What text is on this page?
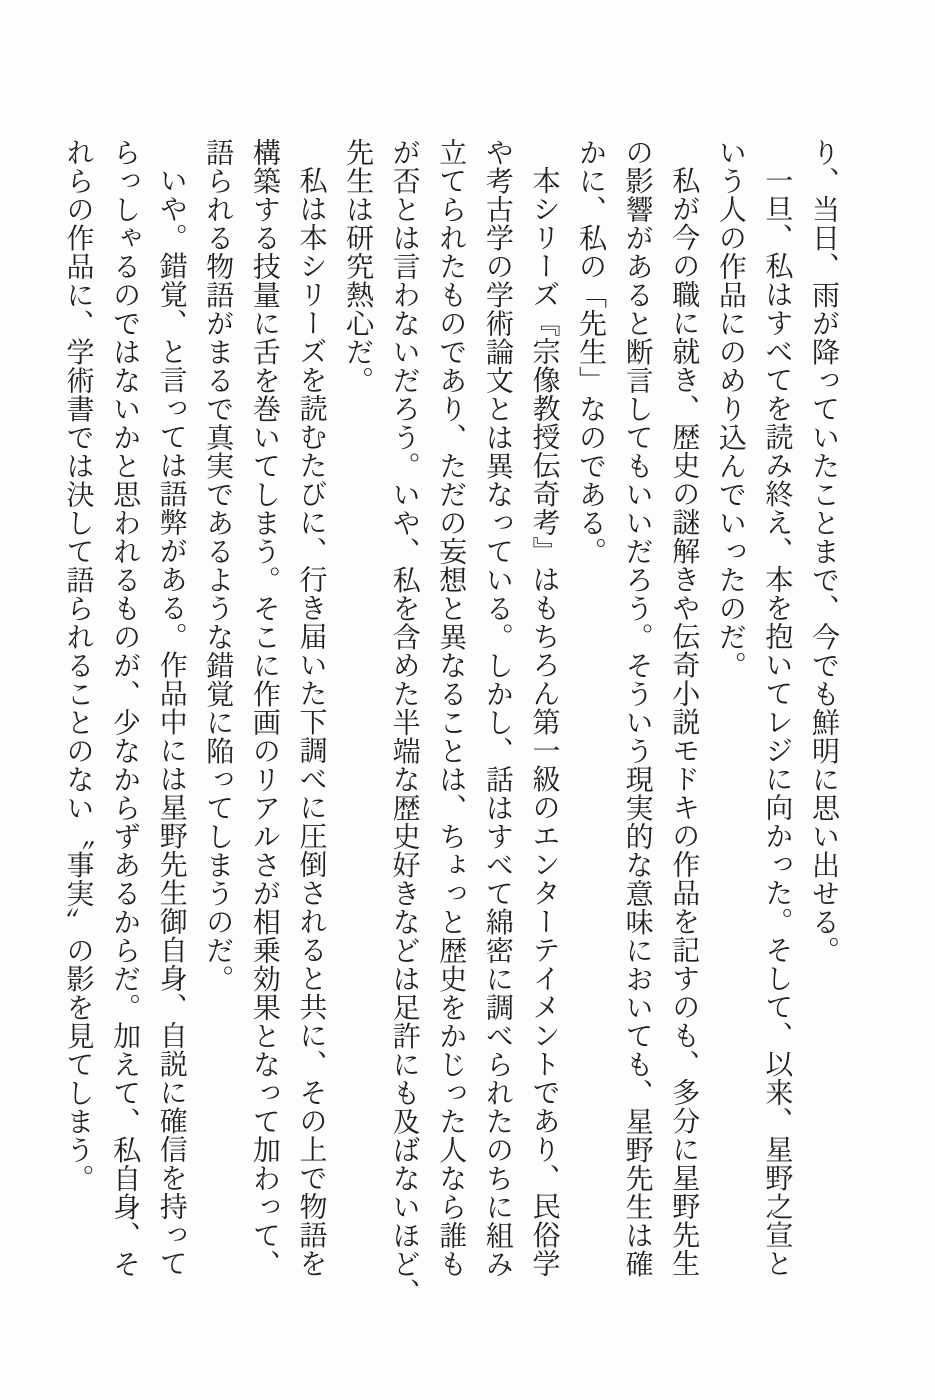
り、当日、雨が降っていたことまで、今でも鮮明に思い出せる。

一旦、私はすべてを読み終え、本を抱いてレジに向かった。そして、以来、星野之宣と

いう人の作品にのめり込んでいったのだ。

私が今の職に就き、歴史の謎解きや伝奇小説モドキの作品を記すのも、多分に星野先生

の影響があると断言してもいいだろう。そういう現実的な意味においても、星野先生は確

かに、私の「先生」なのである。

本シリーズ『宗像教授伝奇考』はもちろん第一級のエンターテイメントであり、民俗学

や考古学の学術論文とは異なっている。しかし、話はすべて綿密に調べられたのちに組み

立てられたものであり、ただの妄想と異なることは、ちょっと歴史をかじった人なら誰も

が否とは言わないだろう。いや、私を含めた半端な歴史好きなどは足許にも及ばないほど、

先生は研究熱心だ。

私は本シリーズを読むたびに、行き届いた下調べに圧倒されると共に、その上で物語を

構築する技量に舌を巻いてしまう。そこに作画のリアルさが相乗効果となって加わって、

語られる物語がまるで真実であるような錯覚に陥ってしまうのだ。

いや。錯覚、と言っては語弊がある。作品中には星野先生御自身、自説に確信を持って

らっしゃるのではないかと思われるものが、少なからずあるからだ。加えて、私自身、そ

れらの作品に、学術書では決して語られることのない〝事実〟の影を見てしまう。
